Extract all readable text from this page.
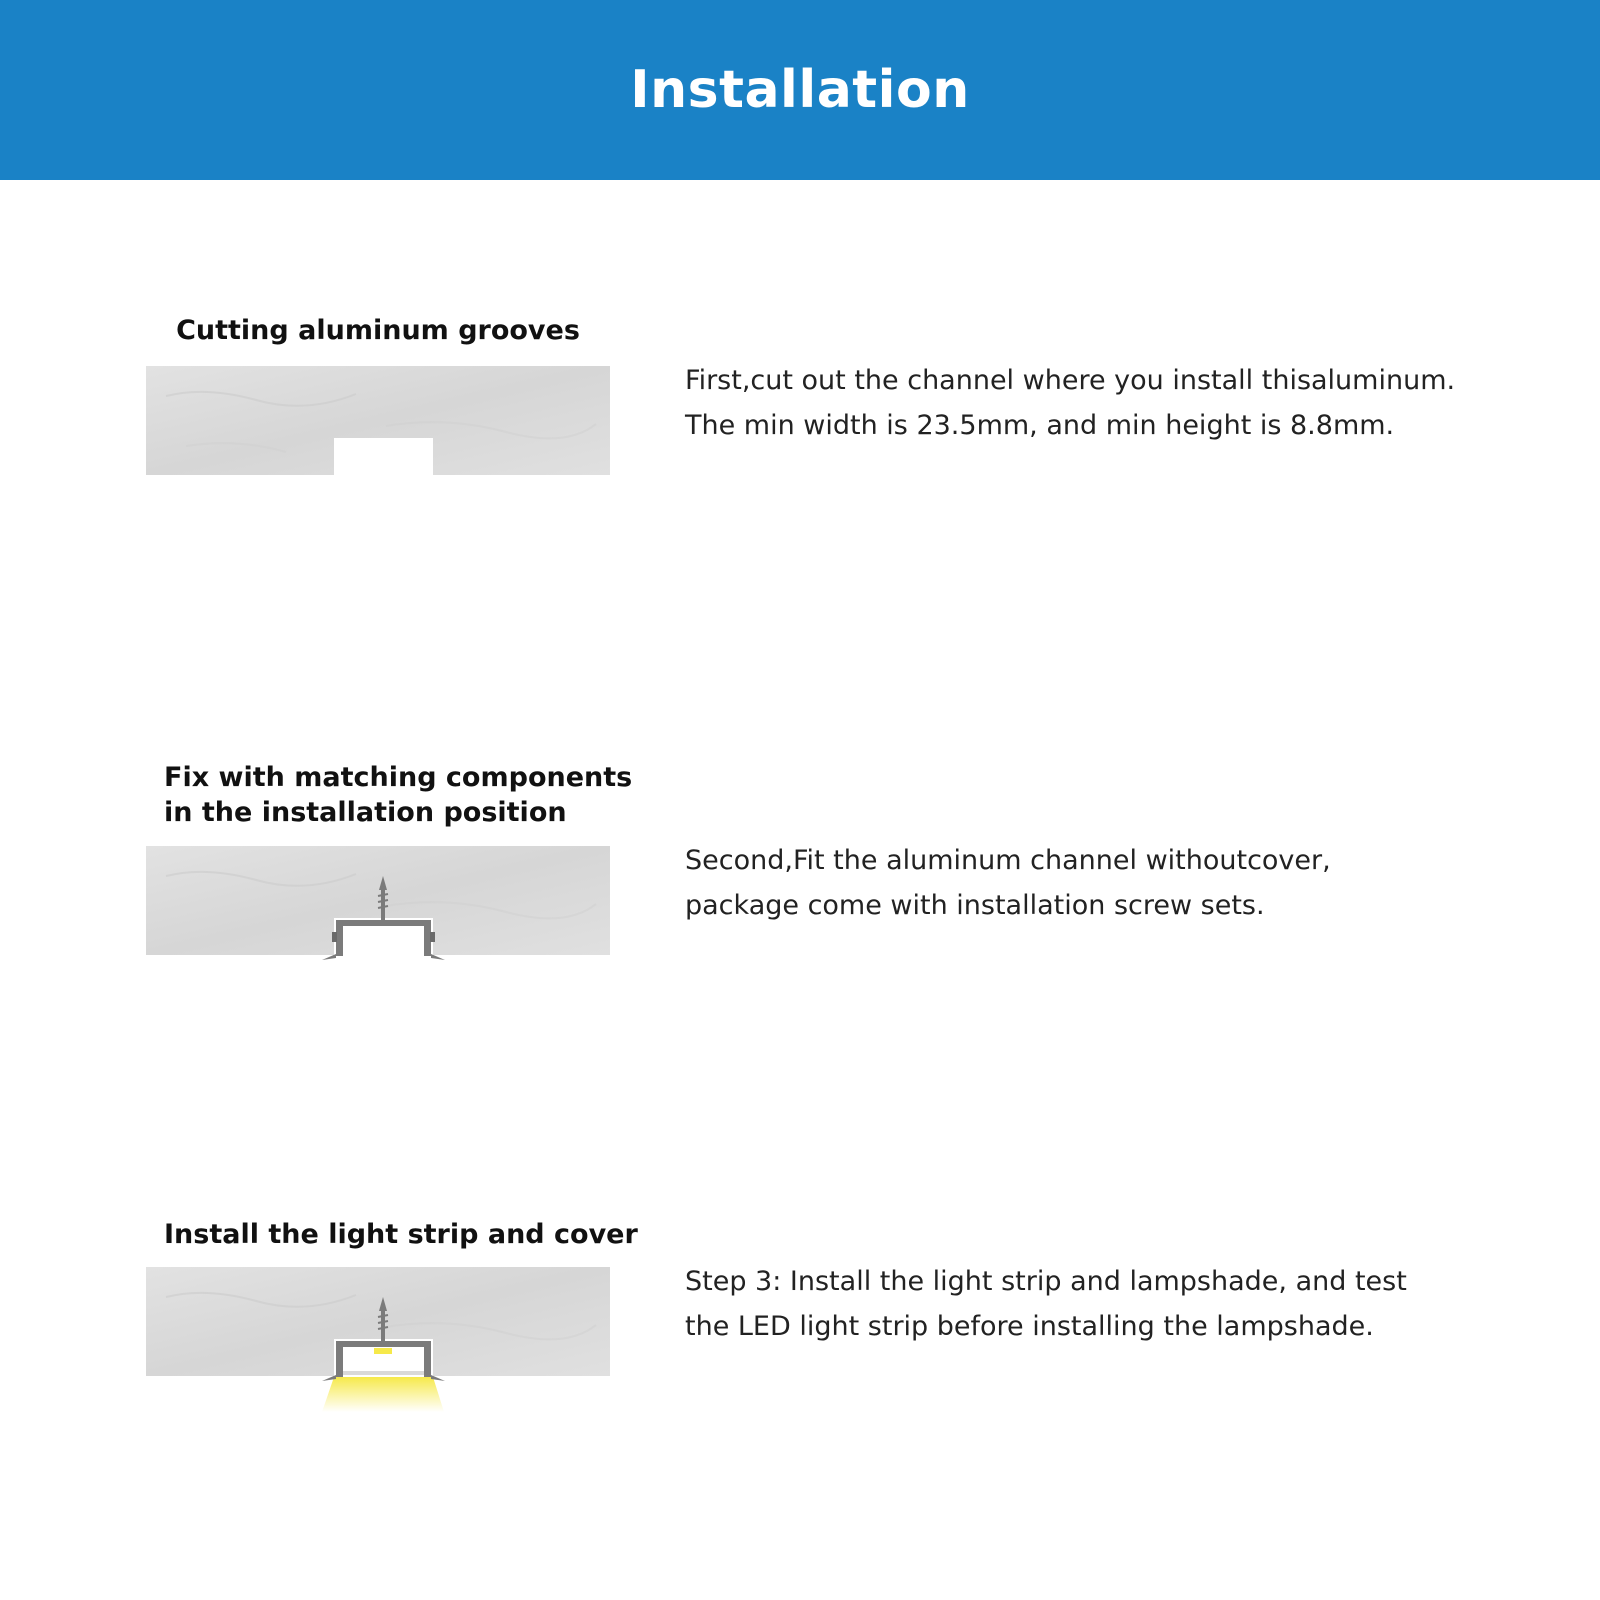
Installation
Cutting aluminum grooves

First,cut out the channel where you install thisaluminum.
The min width is 23.5mm, and min height is 8.8mm.

Fix with matching components
in the installation position

Second,Fit the aluminum channel withoutcover,
package come with installation screw sets.

Install the light strip and cover

Step 3: Install the light strip and lampshade, and test
the LED light strip before installing the lampshade.
